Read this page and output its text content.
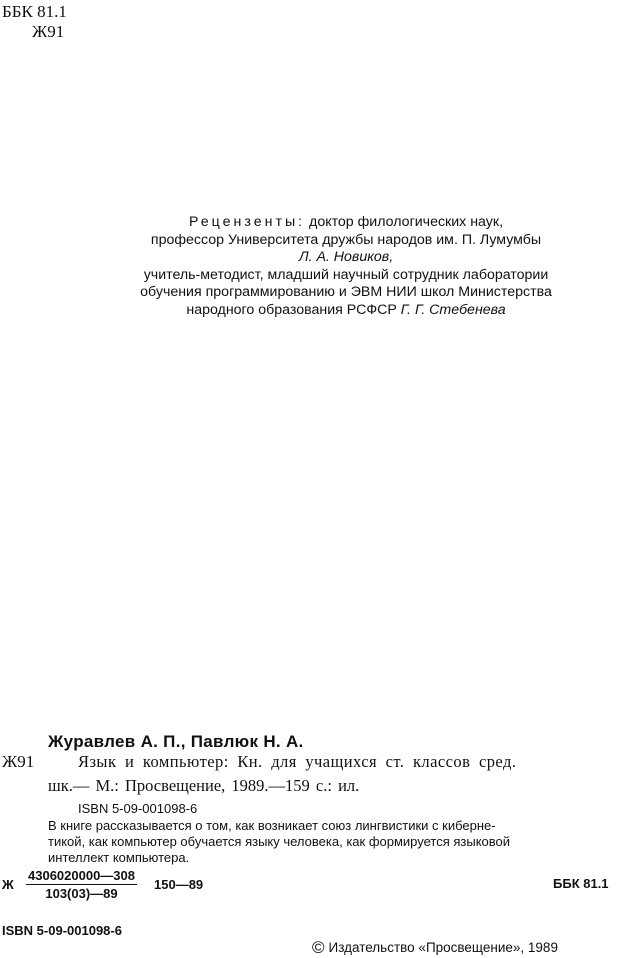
ББК 81.1
Ж91
Рецензенты: доктор филологических наук,
профессор Университета дружбы народов им. П. Лумумбы
Л. А. Новиков,
учитель-методист, младший научный сотрудник лаборатории
обучения программированию и ЭВМ НИИ школ Министерства
народного образования РСФСР Г. Г. Стебенева
Журавлев А. П., Павлюк Н. А.
Ж91	Язык и компьютер: Кн. для учащихся ст. классов сред.
шк.— М.: Просвещение, 1989.—159 с.: ил.
ISBN 5-09-001098-6
В книге рассказывается о том, как возникает союз лингвистики с киберне-
тикой, как компьютер обучается языку человека, как формируется языковой
интеллект компьютера.
Ж $\frac{4306020000—308}{103(03)—89}$ 150—89	ББК 81.1
ISBN 5-09-001098-6
© Издательство «Просвещение», 1989
